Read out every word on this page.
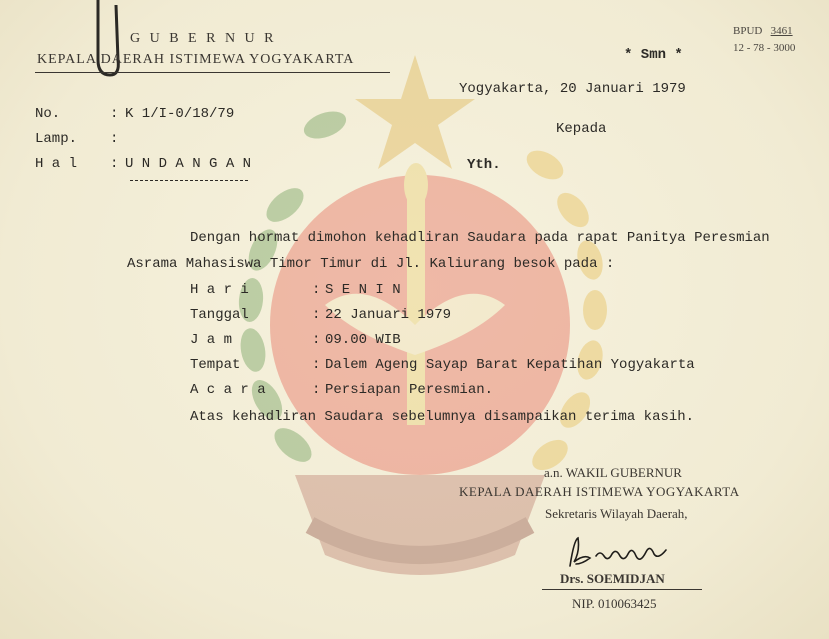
G U B E R N U R
KEPALA DAERAH ISTIMEWA YOGYAKARTA
BPUD 3461
12 - 78 - 3000
* Smn *
Yogyakarta, 20 Januari 1979
Kepada
Yth.
No.	: K 1/I-0/18/79
Lamp. :
H a l : U N D A N G A N
Dengan hormat dimohon kehadliran Saudara pada rapat Panitya Peresmian
Asrama Mahasiswa Timor Timur di Jl. Kaliurang besok pada :
H a r i	: S E N I N
Tanggal	: 22 Januari 1979
J a m	: 09.00 WIB
Tempat	: Dalem Ageng Sayap Barat Kepatihan Yogyakarta
A c a r a	: Persiapan Peresmian.
Atas kehadliran Saudara sebelumnya disampaikan terima kasih.
a.n. WAKIL GUBERNUR
KEPALA DAERAH ISTIMEWA YOGYAKARTA
Sekretaris Wilayah Daerah,
Drs. SOEMIDJAN
NIP. 010063425
